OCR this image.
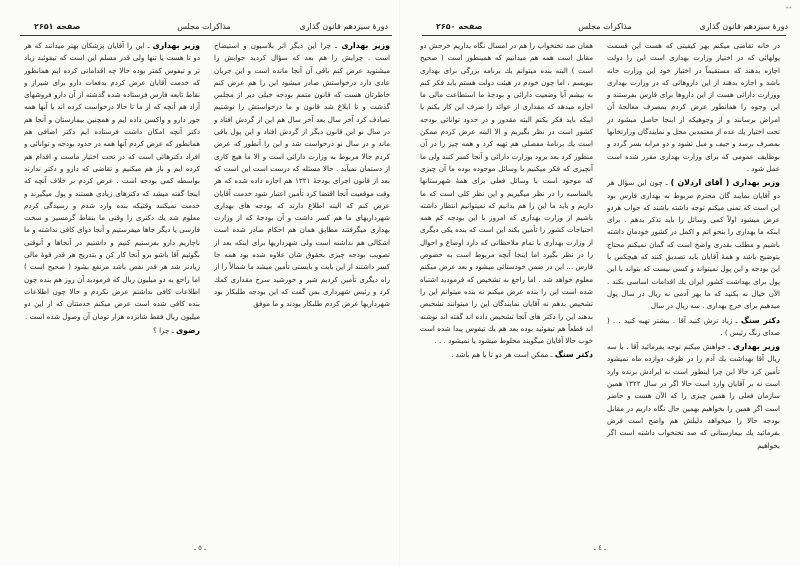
دورهٔ سیزدهم قانون گذاری
مذاکرات مجلس
صفحه ۲۶۵۱

وزیر بهداری ـ چرا این دیگر اثر بلاسیون و استیضاح است . چرایش را هم بعد که سؤال کردید جوابش را میشنوید عرض کنم باقی آن آنجا مانده است و این جریان عادی دارد درخواستش صادر میشود این را هم عرض کنم خاطرتان هست که قانون متمم بودجه خیلی دیر از مجلس گذشت و تا ابلاغ شد قانون و ما درخواستش را نوشتیم تصادف کرد آخر سال بعد آخر سال هم این از گردش افتاد و در سال نو این قانون دیگر از گردش افتاد و این پول باقی ماند و در سال نو درخواست شد و این را آنطور که عرض کردم حالا مربوط به وزارت دارائی است و الا ما هیچ کاری از دستمان نمیآید . حالا مسئله که درست است این است که بعد از قانون اجرای بودجهٔ ۱۳۲۱ هم اجازه داده شده که هر وقت موقعیت آنجا اقتضا کرد تأمین اعتبار شود خدمت آقایان عرض کنم که البته اطلاع دارند که بودجه های بهداری شهرداریهای ما هم کسر داشت و آن بودجهٔ که از وزارت بهداری میگرفتند مطابق همان هم احکام صادر شده است اشکالی هم نداشته است ولی شهرداریها برای اینکه بعد از تصویب بودجه چیزی بحقوق شان علاوه شده بود همه جا کسر داشتند از این بابت و بایستی تأمین میشد ما شمالاً را از راه دیگری تأمین کردیم شیر و خورشید سرخ مقداری کمك کرد و رئیس شهرداری بمن گفت که این بودجه طلبکار بود شهرداریها عرض کردم طلبکار بودند و ما موفق

وزیر بهداری ـ این را آقایان پزشکان بهتر میدانند که هر دو تا هست یا تنها ولی قدر مسلم این است که تیفوئید زیاد تر و تیفوس کمتر بوده حالا چه اقداماتی کرده ایم همانطور که خدمت آقایان عرض کردم بدفعات دارو برای شیراز و نقاط تابعه فارس فرستاده شده گذشته از آن دارو فروشهای آزاد هم آنچه که از ما تا حالا درخواست کرده اند با آنها همه جور دارو و واکسن داده ایم و همچنین بیمارستان و آنجا هم دکتر آنچه امکان داشت فرستاده ایم دکتر اضافی هم همانطور که عرض کردم آنها همه در حدود بودجه و توانائی و افراد دکترهائی است که در تحت اختیار ماست و اقدام هم کرده ایم و باز هم میکنیم و تقاضی که دارو و دکتر ندارند بواسطه کمی بودجه است . عرض کردم بر خلاف آنچه که اینجا گفته میشد که دکترهای زیادی هستند و پول میگیرند و خدمت نمیکنند وقتیکه بنده وارد شدم و رسیدگی کردم معلوم شد یك دکتری را وقتی ما بنقاط گرمسیر و سخت فارسی یا دیگر جاها میفرستیم و آنجا دوای کافی نداشته و ما ناچاریم دارو بفرستیم کنیم و داشتیم در آنجاها و آنوقتی بگوئیم آقا باشو برو آنجا کار کن و بتدریج هر قدر قوهٔ مالی زیادتر شد هر قدر نقص باشد مرتفع بشود ( صحیح است ) اما راجع به دو میلیون ریال که فرمودید آن روز هم بنده چون اطلاعات کافی نداشتم عرض نکردم و حالا چون اطلاعات بنده کافی شده است عرض میکنم خدمتتان که از این دو میلیون ریال فقط شانزده هزار تومان آن وصول شده است .

رضوی ـ چرا ؟

ـ ٥ ـ
٭٭
دورهٔ سیزدهم قانون گذاری
مذاکرات مجلس
صفحه ۲۶۵۰

در خانه تقاضی میکنم بهر کیفیتی که هست این قسمت پولهائی که در اختیار وزارت بهداری است این را دولت اجازه بدهند که مستقیماً در اختیار خود این وزارت خانه باشد و اجازه بدهند از این داروهائی که در وزارت بهداری ووزارت دارائی هست از این داروها برای فارس بفرستند و این وجوه را همانطور عرض کردم بمصرف معالجهٔ آن امراض برسانند و از وجوهیکه از اینجا حاصل میشود در تحت اختیار یك عده از معتمدین محل و نمایندگان وزارتخانها بمصرف برسد و حیف و میل نشود و دو مرابه بسر گردد و بوظایف عمومی که برای وزارت بهداری مقرر شده است عمل شود .

وزیر بهداری ( آقای اردلان ) ـ چون این سؤال هر دو آقایان نمایند گان محترم مربوط به بهداری فارس بود این است که تمنی میکنم توجه داشته باشند که جواب هردو عرض میشود اولاً کمی وسائل را باید تذکر بدهم . برای اینکه ما بهداری را بنحو اتم و اکمل در کشور خودمان داشته باشیم و مطلب بقدری واضح است که گمان نمیکنم محتاج بتوضیح باشد و همهٔ آقایان باید تصدیق کنند که هیچکس با این بودجه و این پول نمیتواند و کسی نیست که بتواند با این پول برای بهداشت کشور ایران یك اقدامات اساسی بکند . الآن خیال نه بکنید که ما بهر آدمی نه ریال در سال پول میدهیم برای خرج بهداری . سه ریال در سال

دکتر سنگ ـ زیاد ترش کنید آقا . بیشتر تهیه کنید . . ( صدای زنگ رئیس ) .

وزیر بهداری ـ خواهش میکنم توجه بفرمائید آقا . با سه ریال آقا بهداشت یك آدم را در ظرف دوازده ماه نمیشود تأمین کرد حالا این چرا اینطور است نه ایرادش برنده وارد است نه بر آقایان وارد است حالا اگر در سال ۱۳۲۲ همین سازمان فعلی را همین چیزی را که الآن هست و حاضر است اگر همین را بخواهیم بهمین حال نگاه داریم در مقابل بودجه حالا را میخواهد دلیلش هم واضح است فرض بفرمائید یك بیمارستانی که صد تختخواب داشته است اگر بخواهیم

همان صد تختخواب را هم در امسال نگاه بداریم خرجش دو مقابل است همه هم میدانیم که همینطور است ( صحیح است ) البته بنده میتوانم یك برنامه بزرگی برای بهداری بنویسم ، اما چون خودم در هیئت دولت هستم باید فکر کنم به بیشم آیا وضعیت دارائی و بودجهٔ ما استطاعت مالی ما اجازه میدهد که مقداری از عوائد را صرف این کار بکنم یا اینکه باید فکر بکنم البته مقدور و در حدود توانائی بودجه کشور است در نظر بگیریم و الا البته عرض کردم ممکن است یك برنامهٔ مفصلی هم تهیه کرد و همه چیز را در آن منظور کرد بعد برود بوزارت دارائی و آنجا کسر کنند ولی ما آنچیزی که فکر میکنیم با وسائل موجوده بوده ما آن چیزی که موجود است با وسائل فعلی برای همهٔ شهرستانها بالمناسبه را در نظر میگیریم و این نظر کلی است که ما داریم و باید ما این را هم بدانیم که نمیتوانیم انتظار داشته باشیم از وزارت بهداری که امروز با این بودجه کم همه احتیاجات کشور را تأمین بکند این است که بنده یکی دیگری از وزارت بهداری با تمام ملاحظاتی که دارد اوضاع و احوال را در نظر بگیرد اما اینجا آنچه مربوط است به خصوص فارس ... این در ضمن خودستائی میشود و بعد عرض میکنم معلوم خواهد شد . اما راجع به تشخیص که فرمودید اشتباه شده است این را بنده عرض میکنم نه بنده میتوانم این را تشخیص بدهم نه آقایان نمایندگان این را میتوانند تشخیص بدهند این را دکتر های آنجا تشخیص داده اند گفته اند نوشته اند قطعاً هم تیفوئید بوده بعد هم یك تیفوس پیدا شده است خوب حالا آقایان میگویند مخلوط میشود یا نمیشود . . .

دکتر سنگ ـ ممکن است هر دو تا با هم باشد .

ـ ٤ ـ
